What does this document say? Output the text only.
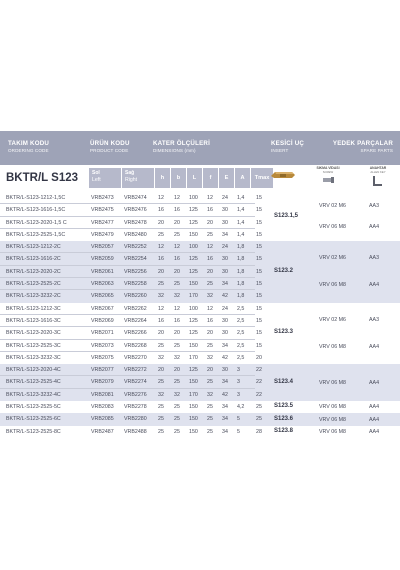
TAKIM KODU
ORDERING CODE
ÜRÜN KODU
PRODUCT CODE
KATER ÖLÇÜLERİ
DIMENSIONS (mm)
KESİCİ UÇ
INSERT
YEDEK PARÇALAR
SPARE PARTS
BKTR/L S123	Sol
Left
Sağ
Right	h	b	L	f	E	A	Tmax
SIKMA VİDASI
SCREW
ANAHTAR
ALLEN KEY
BKTR/L-S123-1212-1,5C	VRB2473 VRB2474 12 12 100 12 24 1,4 15
BKTR/L-S123-1616-1,5C	VRB2475 VRB2476 16 16 125 16 30 1,4 15
BKTR/L-S123-2020-1,5 C	VRB2477 VRB2478 20 20 125 20 30 1,4 15
BKTR/L-S123-2525-1,5C	VRB2479 VRB2480 25 25 150 25 34 1,4 15
S123.1,5
VRV 02 M6	AA3
VRV 06 M8	AA4
BKTR/L-S123-1212-2C	VRB2057 VRB2252 12 12 100 12 24 1,8 15
BKTR/L-S123-1616-2C	VRB2059 VRB2254 16 16 125 16 30 1,8 15
BKTR/L-S123-2020-2C	VRB2061 VRB2256 20 20 125 20 30 1,8 15
BKTR/L-S123-2525-2C	VRB2063 VRB2258 25 25 150 25 34 1,8 15
BKTR/L-S123-3232-2C	VRB2065 VRB2260 32 32 170 32 42 1,8 15
S123.2
VRV 02 M6	AA3
VRV 06 M8	AA4
BKTR/L-S123-1212-3C	VRB2067 VRB2262 12 12 100 12 24 2,5 15
BKTR/L-S123-1616-3C	VRB2069 VRB2264 16 16 125 16 30 2,5 15
BKTR/L-S123-2020-3C	VRB2071 VRB2266 20 20 125 20 30 2,5 15
BKTR/L-S123-2525-3C	VRB2073 VRB2268 25 25 150 25 34 2,5 15
BKTR/L-S123-3232-3C	VRB2075 VRB2270 32 32 170 32 42 2,5 20
S123.3
VRV 02 M6	AA3
VRV 06 M8	AA4
BKTR/L-S123-2020-4C	VRB2077 VRB2272 20 20 125 20 30 3	22
BKTR/L-S123-2525-4C	VRB2079 VRB2274 25 25 150 25 34 3	22
BKTR/L-S123-3232-4C	VRB2081 VRB2276 32 32 170 32 42 3	22
S123.4	VRV 06 M8	AA4
BKTR/L-S123-2525-5C	VRB2083 VRB2278 25 25 150 25 34 4,2 25 S123.5	VRV 06 M8	AA4
BKTR/L-S123-2525-6C	VRB2085 VRB2280 25 25 150 25 34 5	25 S123.6	VRV 06 M8	AA4
BKTR/L-S123-2525-8C	VRB2487 VRB2488 25 25 150 25 34 5	28 S123.8	VRV 06 M8	AA4
